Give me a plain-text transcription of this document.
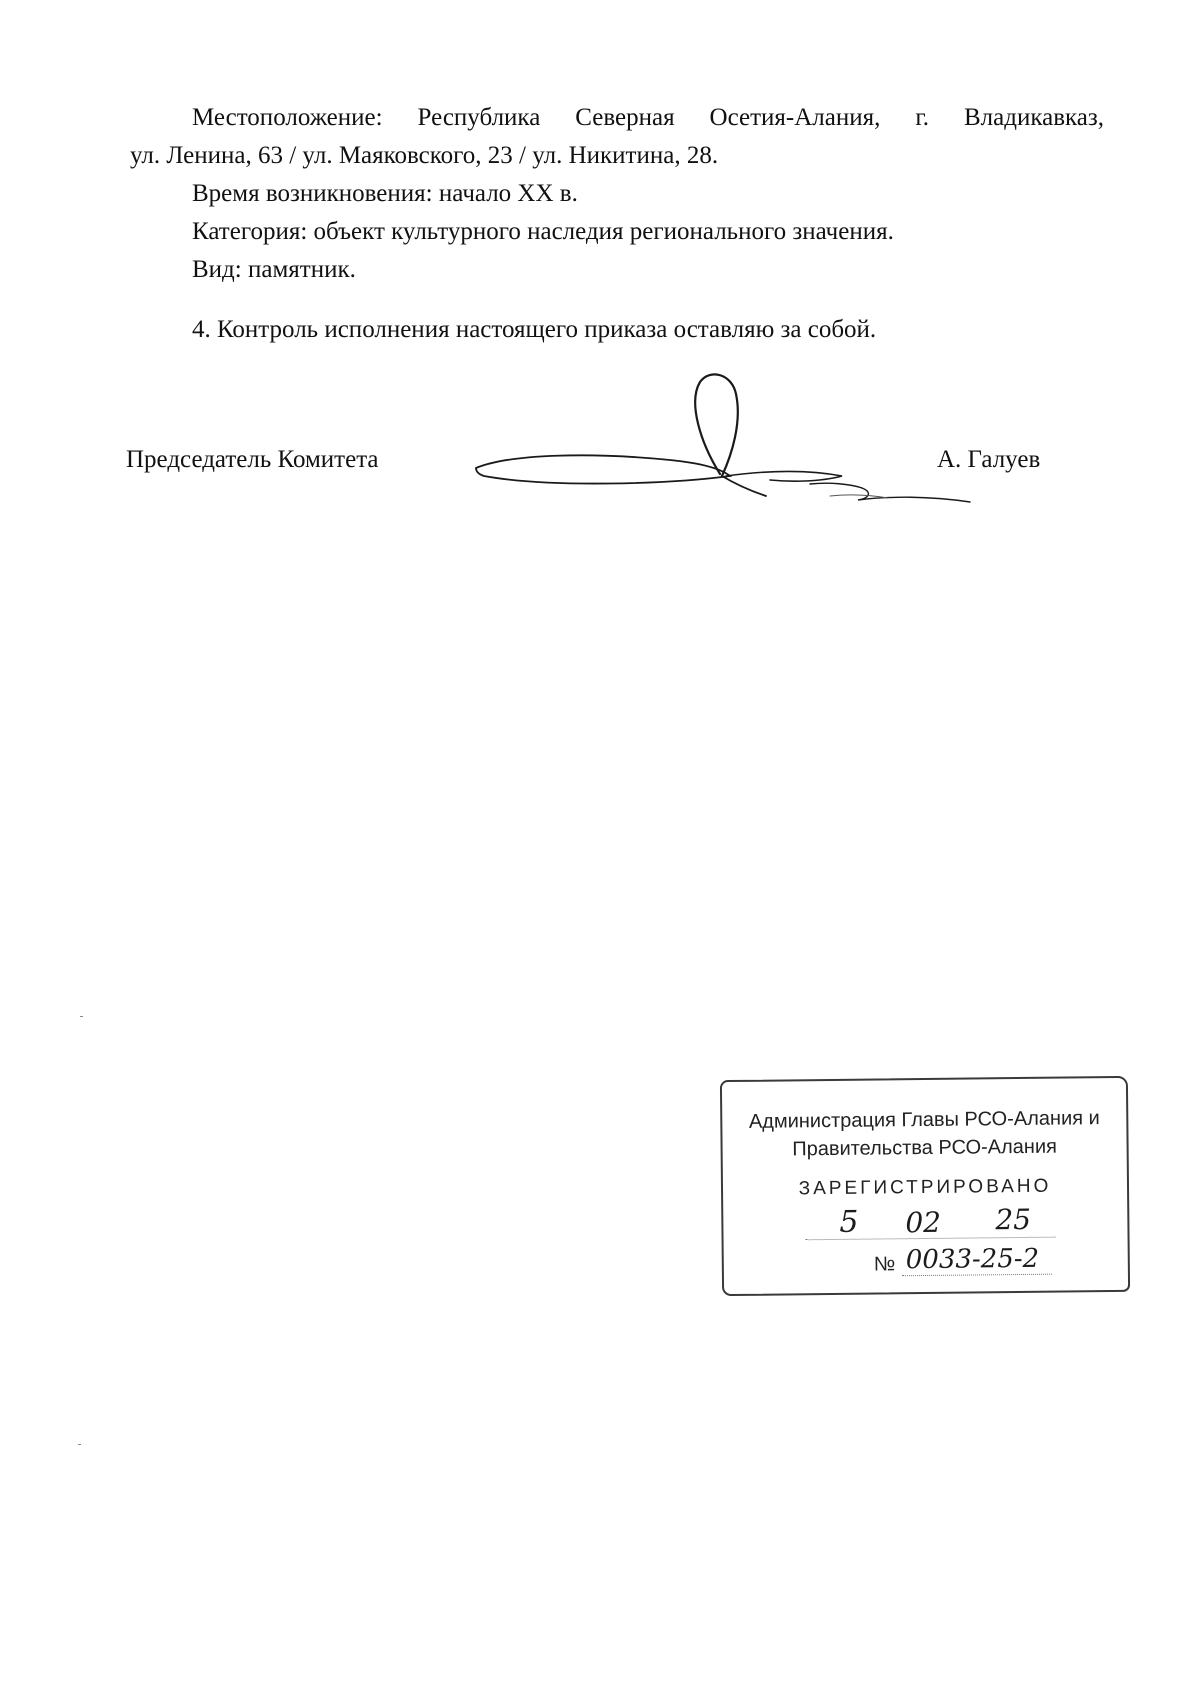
Местоположение: Республика Северная Осетия-Алания, г. Владикавказ,
ул. Ленина, 63 / ул. Маяковского, 23 / ул. Никитина, 28.
Время возникновения: начало XX в.
Категория: объект культурного наследия регионального значения.
Вид: памятник.
4. Контроль исполнения настоящего приказа оставляю за собой.
Председатель Комитета	А. Галуев
Администрация Главы РСО-Алания и
Правительства РСО-Алания
ЗАРЕГИСТРИРОВАНО
5 02 25
№ 0033-25-2
